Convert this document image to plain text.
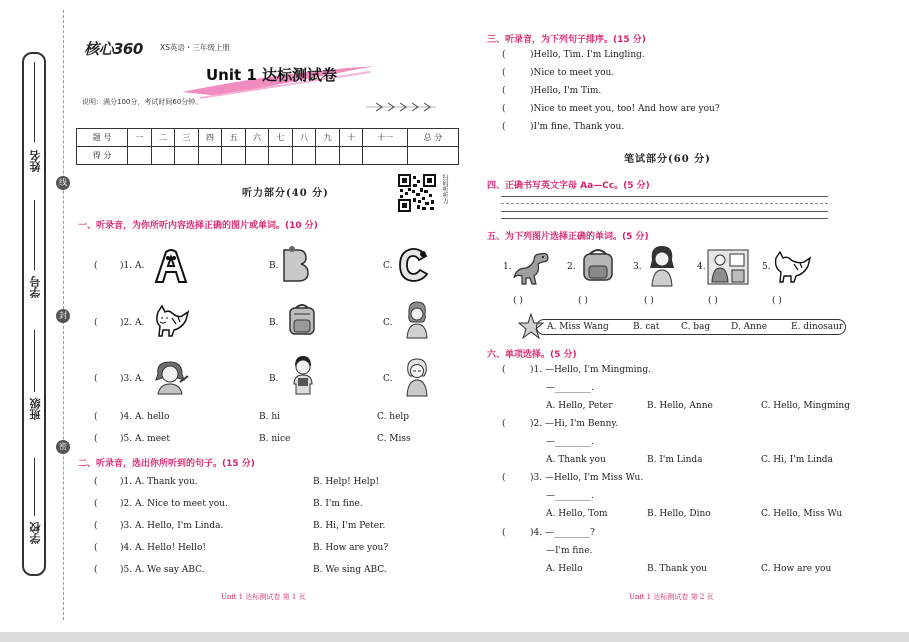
姓名
学号
班级
学校
线
封
密
核心360 XS英语・三年级上册
Unit 1 达标测试卷
说明：满分100分，考试时间60分钟。
题 号	一	二	三	四	五	六	七	八	九	十	十一	总 分
得 分												
听力部分(40 分)	扫码听听力
一、听录音，为你所听内容选择正确的图片或单词。(10 分)
( )1. A.	B.	C.
( )2. A.	B.	C.
( )3. A.	B.	C.
( )4. A. hello	B. hi	C. help
( )5. A. meet	B. nice	C. Miss
二、听录音，选出你所听到的句子。(15 分)
( )1. A. Thank you.	B. Help! Help!
( )2. A. Nice to meet you.	B. I'm fine.
( )3. A. Hello, I'm Linda.	B. Hi, I'm Peter.
( )4. A. Hello! Hello!	B. How are you?
( )5. A. We say ABC.	B. We sing ABC.
Unit 1 达标测试卷 第 1 页
三、听录音，为下列句子排序。(15 分)
(	)Hello, Tim. I'm Lingling.
(	)Nice to meet you.
(	)Hello, I'm Tim.
(	)Nice to meet you, too! And how are you?
(	)I'm fine. Thank you.
笔试部分(60 分)
四、正确书写英文字母 Aa—Cc。(5 分)
五、为下列图片选择正确的单词。(5 分)
1.	2.	3.	4.	5.
( )	( )	( )	( )	( )
A. Miss Wang	B. cat C. bag D. Anne	E. dinosaur
六、单项选择。(5 分)
(	)1. —Hello, I'm Mingming.
—________.
A. Hello, Peter	B. Hello, Anne	C. Hello, Mingming
(	)2. —Hi, I'm Benny.
—________.
A. Thank you	B. I'm Linda	C. Hi, I'm Linda
(	)3. —Hello, I'm Miss Wu.
—________.
A. Hello, Tom	B. Hello, Dino	C. Hello, Miss Wu
(	)4. —________?
—I'm fine.
A. Hello	B. Thank you	C. How are you
Unit 1 达标测试卷 第 2 页
